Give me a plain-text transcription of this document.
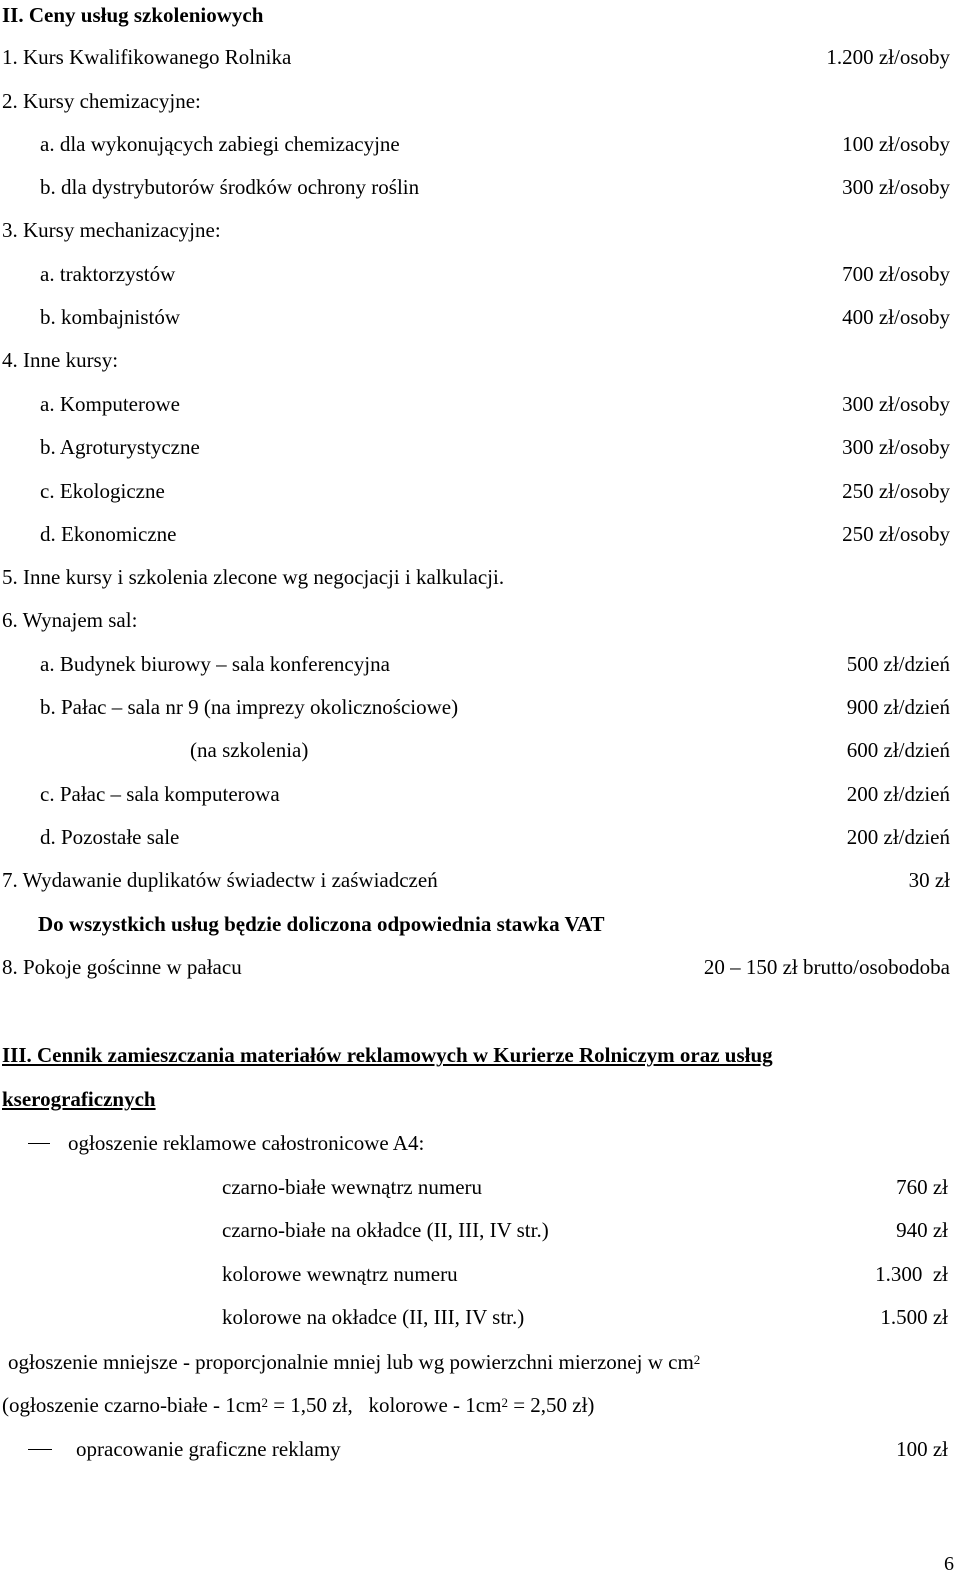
II. Ceny usług szkoleniowych
1. Kurs Kwalifikowanego Rolnika	1.200 zł/osoby
2. Kursy chemizacyjne:
a. dla wykonujących zabiegi chemizacyjne	100 zł/osoby
b. dla dystrybutorów środków ochrony roślin	300 zł/osoby
3. Kursy mechanizacyjne:
a. traktorzystów	700 zł/osoby
b. kombajnistów	400 zł/osoby
4. Inne kursy:
a. Komputerowe	300 zł/osoby
b. Agroturystyczne	300 zł/osoby
c. Ekologiczne	250 zł/osoby
d. Ekonomiczne	250 zł/osoby
5. Inne kursy i szkolenia zlecone wg negocjacji i kalkulacji.
6. Wynajem sal:
a. Budynek biurowy – sala konferencyjna	500 zł/dzień
b. Pałac – sala nr 9 (na imprezy okolicznościowe)	900 zł/dzień
(na szkolenia)	600 zł/dzień
c. Pałac – sala komputerowa	200 zł/dzień
d. Pozostałe sale	200 zł/dzień
7. Wydawanie duplikatów świadectw i zaświadczeń	30 zł
Do wszystkich usług będzie doliczona odpowiednia stawka VAT
8. Pokoje gościnne w pałacu	20 – 150 zł brutto/osobodoba
III. Cennik zamieszczania materiałów reklamowych w Kurierze Rolniczym oraz usług
kserograficznych
ogłoszenie reklamowe całostronicowe A4:
czarno-białe wewnątrz numeru	760 zł
czarno-białe na okładce (II, III, IV str.)	940 zł
kolorowe wewnątrz numeru	1.300  zł
kolorowe na okładce (II, III, IV str.)	1.500 zł
ogłoszenie mniejsze - proporcjonalnie mniej lub wg powierzchni mierzonej w $cm^2$
(ogłoszenie czarno-białe - $1cm^2 = 1,50$ zł,   kolorowe - $1cm^2 = 2,50$ zł)
opracowanie graficzne reklamy	100 zł
6
